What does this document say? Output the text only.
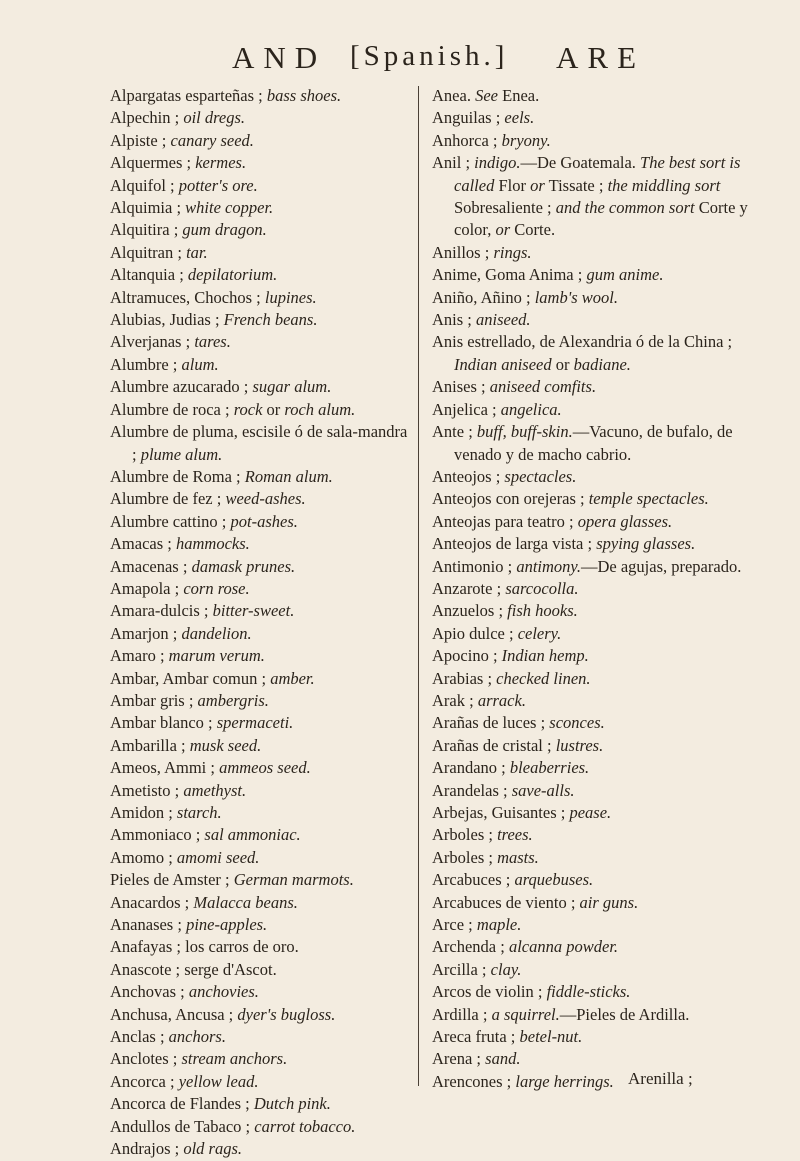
AND [Spanish.] ARE
Alpargatas esparteñas ; bass shoes.
Alpechin ; oil dregs.
Alpiste ; canary seed.
Alquermes ; kermes.
Alquifol ; potter's ore.
Alquimia ; white copper.
Alquitira ; gum dragon.
Alquitran ; tar.
Altanquia ; depilatorium.
Altramuces, Chochos ; lupines.
Alubias, Judias ; French beans.
Alverjanas ; tares.
Alumbre ; alum.
Alumbre azucarado ; sugar alum.
Alumbre de roca ; rock or roch alum.
Alumbre de pluma, escisile ó de sala-mandra ; plume alum.
Alumbre de Roma ; Roman alum.
Alumbre de fez ; weed-ashes.
Alumbre cattino ; pot-ashes.
Amacas ; hammocks.
Amacenas ; damask prunes.
Amapola ; corn rose.
Amara-dulcis ; bitter-sweet.
Amarjon ; dandelion.
Amaro ; marum verum.
Ambar, Ambar comun ; amber.
Ambar gris ; ambergris.
Ambar blanco ; spermaceti.
Ambarilla ; musk seed.
Ameos, Ammi ; ammeos seed.
Ametisto ; amethyst.
Amidon ; starch.
Ammoniaco ; sal ammoniac.
Amomo ; amomi seed.
Pieles de Amster ; German marmots.
Anacardos ; Malacca beans.
Ananases ; pine-apples.
Anafayas ; los carros de oro.
Anascote ; serge d'Ascot.
Anchovas ; anchovies.
Anchusa, Ancusa ; dyer's bugloss.
Anclas ; anchors.
Anclotes ; stream anchors.
Ancorca ; yellow lead.
Ancorca de Flandes ; Dutch pink.
Andullos de Tabaco ; carrot tobacco.
Andrajos ; old rags.
Anea. See Enea.
Anguilas ; eels.
Anhorca ; bryony.
Anil ; indigo.—De Goatemala. The best sort is called Flor or Tissate ; the middling sort Sobresaliente ; and the common sort Corte y color, or Corte.
Anillos ; rings.
Anime, Goma Anima ; gum anime.
Aniño, Añino ; lamb's wool.
Anis ; aniseed.
Anis estrellado, de Alexandria ó de la China ; Indian aniseed or badiane.
Anises ; aniseed comfits.
Anjelica ; angelica.
Ante ; buff, buff-skin.—Vacuno, de bufalo, de venado y de macho cabrio.
Anteojos ; spectacles.
Anteojos con orejeras ; temple spectacles.
Anteojas para teatro ; opera glasses.
Anteojos de larga vista ; spying glasses.
Antimonio ; antimony.—De agujas, preparado.
Anzarote ; sarcocolla.
Anzuelos ; fish hooks.
Apio dulce ; celery.
Apocino ; Indian hemp.
Arabias ; checked linen.
Arak ; arrack.
Arañas de luces ; sconces.
Arañas de cristal ; lustres.
Arandano ; bleaberries.
Arandelas ; save-alls.
Arbejas, Guisantes ; pease.
Arboles ; trees.
Arboles ; masts.
Arcabuces ; arquebuses.
Arcabuces de viento ; air guns.
Arce ; maple.
Archenda ; alcanna powder.
Arcilla ; clay.
Arcos de violin ; fiddle-sticks.
Ardilla ; a squirrel.—Pieles de Ardilla.
Areca fruta ; betel-nut.
Arena ; sand.
Arencones ; large herrings. Arenilla ;
